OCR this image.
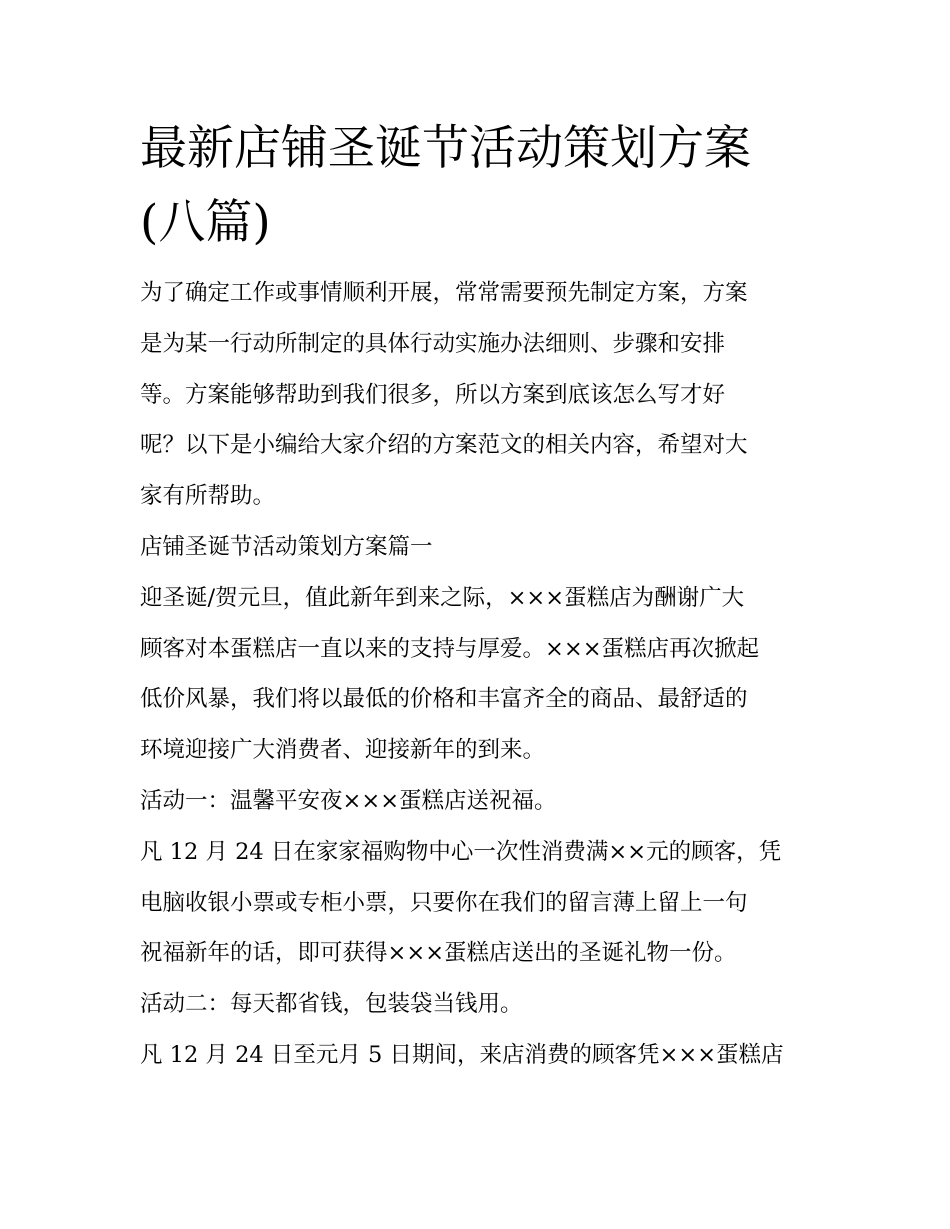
最新店铺圣诞节活动策划方案
(八篇)

为了确定工作或事情顺利开展，常常需要预先制定方案，方案
是为某一行动所制定的具体行动实施办法细则、步骤和安排
等。方案能够帮助到我们很多，所以方案到底该怎么写才好
呢？以下是小编给大家介绍的方案范文的相关内容，希望对大
家有所帮助。

店铺圣诞节活动策划方案篇一

迎圣诞/贺元旦，值此新年到来之际，×××蛋糕店为酬谢广大
顾客对本蛋糕店一直以来的支持与厚爱。×××蛋糕店再次掀起
低价风暴，我们将以最低的价格和丰富齐全的商品、最舒适的
环境迎接广大消费者、迎接新年的到来。

活动一：温馨平安夜×××蛋糕店送祝福。

凡 12 月 24 日在家家福购物中心一次性消费满××元的顾客，凭
电脑收银小票或专柜小票，只要你在我们的留言薄上留上一句
祝福新年的话，即可获得×××蛋糕店送出的圣诞礼物一份。

活动二：每天都省钱，包装袋当钱用。

凡 12 月 24 日至元月 5 日期间，来店消费的顾客凭×××蛋糕店
